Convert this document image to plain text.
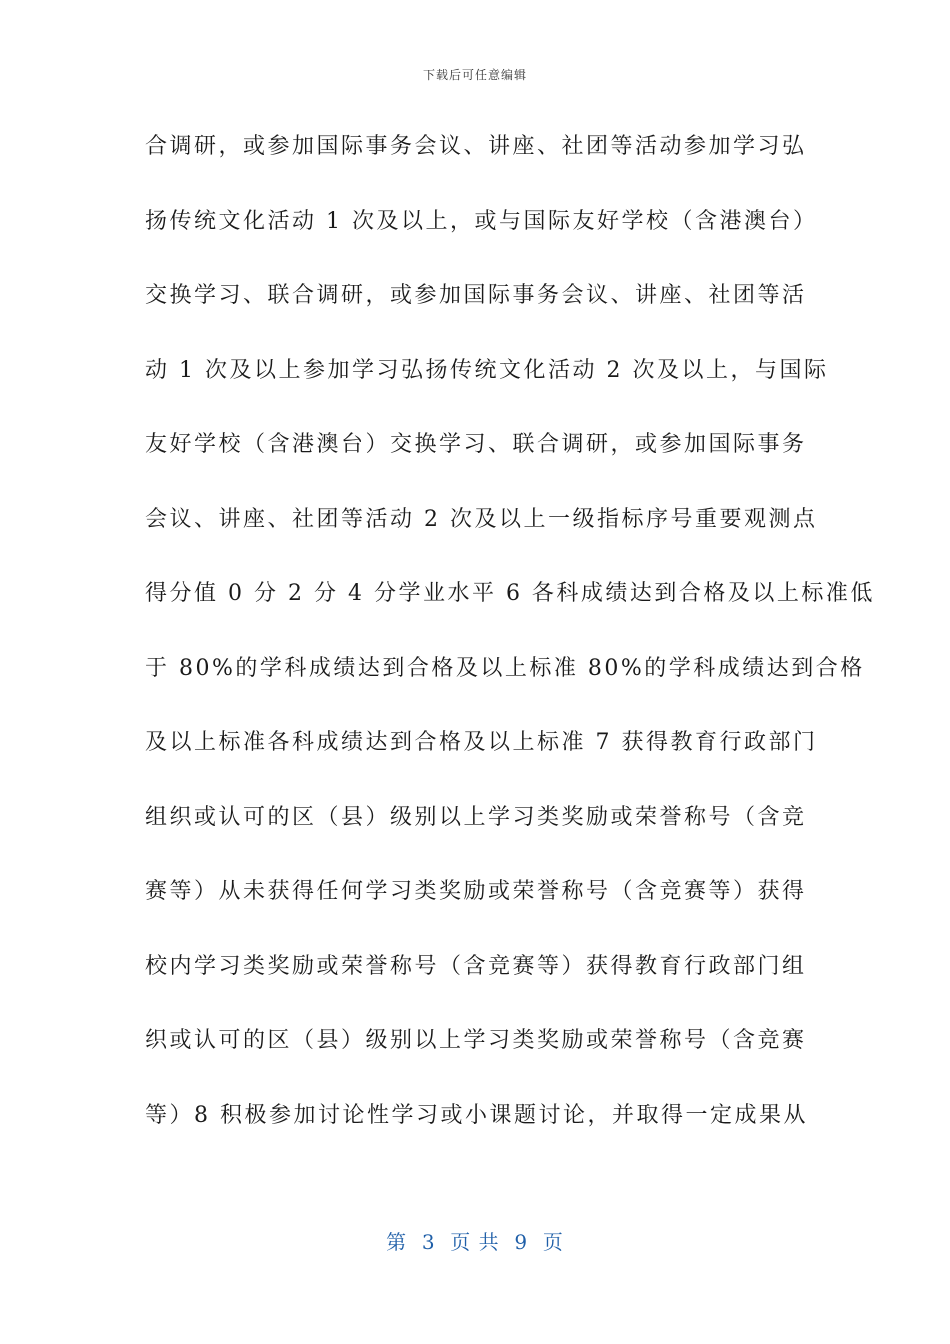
下载后可任意编辑
合调研，或参加国际事务会议、讲座、社团等活动参加学习弘
扬传统文化活动 1 次及以上，或与国际友好学校（含港澳台）
交换学习、联合调研，或参加国际事务会议、讲座、社团等活
动 1 次及以上参加学习弘扬传统文化活动 2 次及以上，与国际
友好学校（含港澳台）交换学习、联合调研，或参加国际事务
会议、讲座、社团等活动 2 次及以上一级指标序号重要观测点
得分值 0 分 2 分 4 分学业水平 6 各科成绩达到合格及以上标准低
于 80%的学科成绩达到合格及以上标准 80%的学科成绩达到合格
及以上标准各科成绩达到合格及以上标准 7 获得教育行政部门
组织或认可的区（县）级别以上学习类奖励或荣誉称号（含竞
赛等）从未获得任何学习类奖励或荣誉称号（含竞赛等）获得
校内学习类奖励或荣誉称号（含竞赛等）获得教育行政部门组
织或认可的区（县）级别以上学习类奖励或荣誉称号（含竞赛
等）8 积极参加讨论性学习或小课题讨论，并取得一定成果从
第  3  页 共  9  页
